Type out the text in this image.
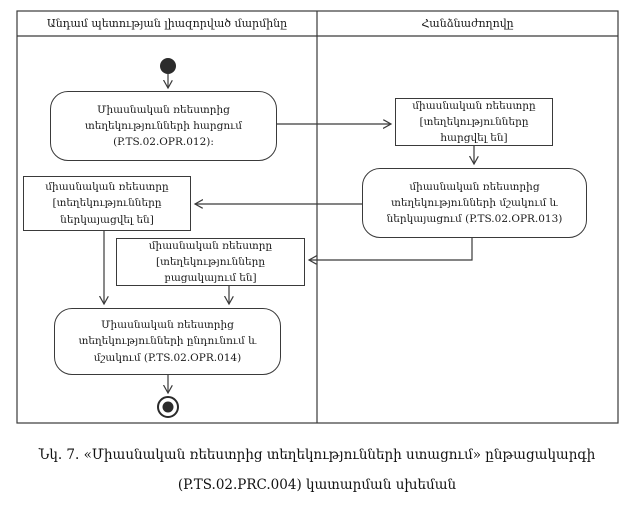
Անդամ պետության լիազորված մարմինը	Հանձնաժողովը
Միասնական ռեեստրից տեղեկությունների հարցում (P.TS.02.OPR.012):
միասնական ռեեստրը [տեղեկությունները հարցվել են]
միասնական ռեեստրից տեղեկությունների մշակում և ներկայացում (P.TS.02.OPR.013)
միասնական ռեեստրը [տեղեկությունները ներկայացվել են]
միասնական ռեեստրը [տեղեկությունները բացակայում են]
Միասնական ռեեստրից տեղեկությունների ընդունում և մշակում (P.TS.02.OPR.014)
Նկ. 7. «Միասնական ռեեստրից տեղեկությունների ստացում» ընթացակարգի
(P.TS.02.PRC.004) կատարման սխեման
